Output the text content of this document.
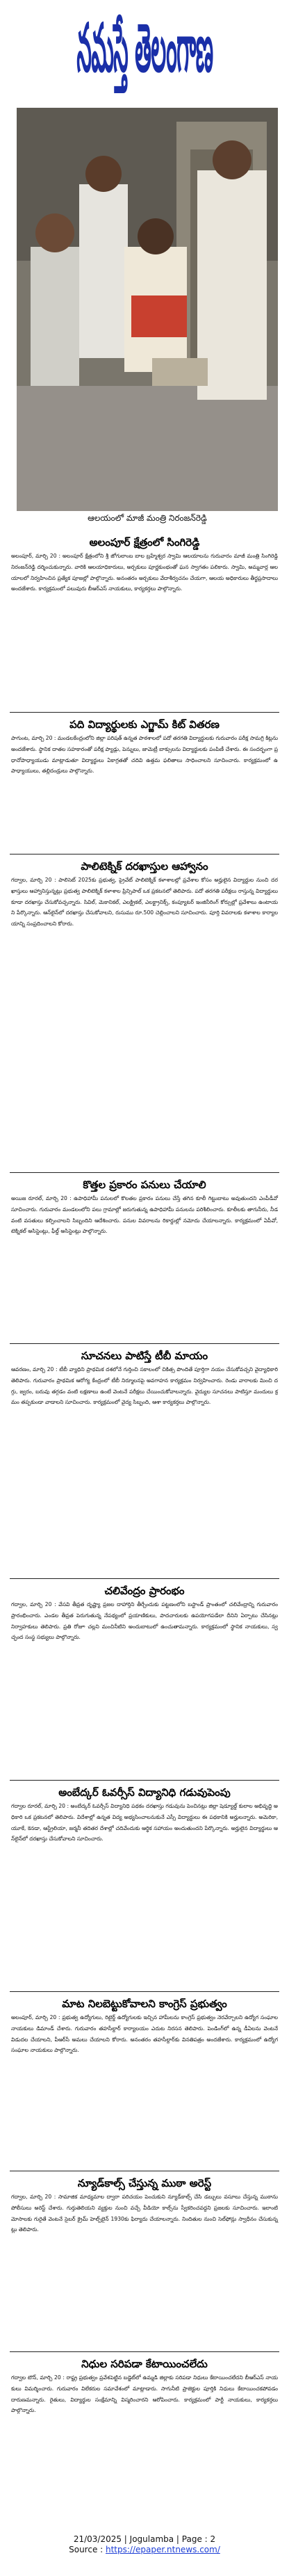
నమస్తే తెలంగాణ
ఆలయంలో మాజీ మంత్రి నిరంజన్‌రెడ్డి
అలంపూర్‌ క్షేత్రంలో సింగిరెడ్డి

అలంపూర్‌, మార్చి 20 : అలంపూర్‌ క్షేత్రంలోని శ్రీ జోగులాంబ బాల బ్రహ్మేశ్వర స్వామి ఆలయాలను గురువారం మాజీ మంత్రి సింగిరెడ్డి నిరంజన్‌రెడ్డి దర్శించుకున్నారు. వారికి ఆలయాధికారులు, అర్చకులు పూర్ణకుంభంతో ఘన స్వాగతం పలికారు. స్వామి, అమ్మవార్ల ఆలయాలలో నిర్వహించిన ప్రత్యేక పూజల్లో పాల్గొన్నారు. అనంతరం అర్చకులు వేదాశీర్వచనం చేయగా, ఆలయ అధికారులు తీర్థప్రసాదాలు అందజేశారు. కార్యక్రమంలో పలువురు బీఆర్‌ఎస్‌ నాయకులు, కార్యకర్తలు పాల్గొన్నారు.

పది విద్యార్థులకు ఎగ్జామ్‌ కిట్‌ వితరణ

పాగుంట, మార్చి 20 : మండలకేంద్రంలోని జిల్లా పరిషత్‌ ఉన్నత పాఠశాలలో పదో తరగతి విద్యార్థులకు గురువారం పరీక్ష సామగ్రి కిట్లను అందజేశారు. స్థానిక దాతల సహకారంతో పరీక్ష ప్యాడ్లు, పెన్నులు, జామెట్రీ బాక్సులను విద్యార్థులకు పంపిణీ చేశారు. ఈ సందర్భంగా ప్రధానోపాధ్యాయుడు మాట్లాడుతూ విద్యార్థులు ఏకాగ్రతతో చదివి ఉత్తమ ఫలితాలు సాధించాలని సూచించారు. కార్యక్రమంలో ఉపాధ్యాయులు, తల్లిదండ్రులు పాల్గొన్నారు.

పాలిటెక్నిక్‌ దరఖాస్తుల ఆహ్వానం

గద్వాల, మార్చి 20 : పాలిసెట్‌ 2025కు ప్రభుత్వ, ప్రైవేట్‌ పాలిటెక్నిక్‌ కళాశాలల్లో ప్రవేశాల కోసం అర్హులైన విద్యార్థుల నుంచి దరఖాస్తులు ఆహ్వానిస్తున్నట్లు ప్రభుత్వ పాలిటెక్నిక్‌ కళాశాల ప్రిన్సిపాల్‌ ఒక ప్రకటనలో తెలిపారు. పదో తరగతి పరీక్షలు రాస్తున్న విద్యార్థులు కూడా దరఖాస్తు చేసుకోవచ్చన్నారు. సివిల్‌, మెకానికల్‌, ఎలక్ట్రికల్‌, ఎలక్ట్రానిక్స్‌, కంప్యూటర్‌ ఇంజినీరింగ్‌ కోర్సుల్లో ప్రవేశాలు ఉంటాయని పేర్కొన్నారు. ఆన్‌లైన్‌లో దరఖాస్తు చేసుకోవాలని, రుసుము రూ.500 చెల్లించాలని సూచించారు. పూర్తి వివరాలకు కళాశాల కార్యాలయాన్ని సంప్రదించాలని కోరారు.

కొత్తల ప్రకారం పనులు చేయాలి

అయిజ రూరల్‌, మార్చి 20 : ఉపాధిహామీ పనులలో కొలతల ప్రకారం పనులు చేస్తే తగిన కూలీ గిట్టుబాటు అవుతుందని ఎంపీడీవో సూచించారు. గురువారం మండలంలోని పలు గ్రామాల్లో జరుగుతున్న ఉపాధిహామీ పనులను పరిశీలించారు. కూలీలకు తాగునీరు, నీడ వంటి వసతులు కల్పించాలని సిబ్బందిని ఆదేశించారు. పనుల వివరాలను రికార్డుల్లో నమోదు చేయాలన్నారు. కార్యక్రమంలో ఏపీవో, టెక్నికల్‌ అసిస్టెంట్లు, ఫీల్డ్‌ అసిస్టెంట్లు పాల్గొన్నారు.

సూచనలు పాటిస్తే టీబీ మాయం

ఆవరణం, మార్చి 20 : టీబీ వ్యాధిని ప్రాథమిక దశలోనే గుర్తించి సకాలంలో చికిత్స పొందితే పూర్తిగా నయం చేసుకోవచ్చని వైద్యాధికారి తెలిపారు. గురువారం ప్రాథమిక ఆరోగ్య కేంద్రంలో టీబీ నిర్మూలనపై అవగాహన కార్యక్రమం నిర్వహించారు. రెండు వారాలకు మించి దగ్గు, జ్వరం, బరువు తగ్గడం వంటి లక్షణాలు ఉంటే వెంటనే పరీక్షలు చేయించుకోవాలన్నారు. వైద్యుల సూచనలు పాటిస్తూ మందులు క్రమం తప్పకుండా వాడాలని సూచించారు. కార్యక్రమంలో వైద్య సిబ్బంది, ఆశా కార్యకర్తలు పాల్గొన్నారు.

చలివేంద్రం ప్రారంభం

గద్వాల, మార్చి 20 : వేసవి తీవ్రత దృష్ట్యా ప్రజల దాహార్తిని తీర్చేందుకు పట్టణంలోని బస్టాండ్‌ ప్రాంతంలో చలివేంద్రాన్ని గురువారం ప్రారంభించారు. ఎండల తీవ్రత పెరుగుతున్న నేపథ్యంలో ప్రయాణికులు, పాదచారులకు ఉపయోగపడేలా దీనిని ఏర్పాటు చేసినట్లు నిర్వాహకులు తెలిపారు. ప్రతి రోజూ చల్లని మంచినీటిని అందుబాటులో ఉంచుతామన్నారు. కార్యక్రమంలో స్థానిక నాయకులు, స్వచ్ఛంద సంస్థ సభ్యులు పాల్గొన్నారు.

అంబేద్కర్‌ ఓవర్సీస్‌ విద్యానిధి గడువుపెంపు

గద్వాల రూరల్‌, మార్చి 20 : అంబేద్కర్‌ ఓవర్సీస్‌ విద్యానిధి పథకం దరఖాస్తు గడువును పెంచినట్లు జిల్లా షెడ్యూల్డ్‌ కులాల అభివృద్ధి అధికారి ఒక ప్రకటనలో తెలిపారు. విదేశాల్లో ఉన్నత విద్య అభ్యసించాలనుకునే ఎస్సీ విద్యార్థులు ఈ పథకానికి అర్హులన్నారు. అమెరికా, యూకే, కెనడా, ఆస్ట్రేలియా, జర్మనీ తదితర దేశాల్లో చదివేందుకు ఆర్థిక సహాయం అందుతుందని పేర్కొన్నారు. అర్హులైన విద్యార్థులు ఆన్‌లైన్‌లో దరఖాస్తు చేసుకోవాలని సూచించారు.

మాట నిలబెట్టుకోవాలని కాంగ్రెస్‌ ప్రభుత్వం

అలంపూర్‌, మార్చి 20 : ప్రభుత్వ ఉద్యోగులు, రిటైర్డ్‌ ఉద్యోగులకు ఇచ్చిన హామీలను కాంగ్రెస్‌ ప్రభుత్వం నెరవేర్చాలని ఉద్యోగ సంఘాల నాయకులు డిమాండ్‌ చేశారు. గురువారం తహసీల్దార్‌ కార్యాలయం ఎదుట నిరసన తెలిపారు. పెండింగ్‌లో ఉన్న డీఏలను వెంటనే విడుదల చేయాలని, పీఆర్‌సీ అమలు చేయాలని కోరారు. అనంతరం తహసీల్దార్‌కు వినతిపత్రం అందజేశారు. కార్యక్రమంలో ఉద్యోగ సంఘాల నాయకులు పాల్గొన్నారు.

న్యూడ్‌కాల్స్‌ చేస్తున్న ముఠా అరెస్ట్‌

గద్వాల, మార్చి 20 : సామాజిక మాధ్యమాల ద్వారా పరిచయం పెంచుకుని న్యూడ్‌కాల్స్‌ చేసి డబ్బులు వసూలు చేస్తున్న ముఠాను పోలీసులు అరెస్ట్‌ చేశారు. గుర్తుతెలియని వ్యక్తుల నుంచి వచ్చే వీడియో కాల్స్‌ను స్వీకరించవద్దని ప్రజలకు సూచించారు. ఇలాంటి మోసాలకు గురైతే వెంటనే సైబర్‌ క్రైమ్‌ హెల్ప్‌లైన్‌ 1930కు ఫిర్యాదు చేయాలన్నారు. నిందితుల నుంచి సెల్‌ఫోన్లు స్వాధీనం చేసుకున్నట్లు తెలిపారు.

నిధుల సరిపడా కేటాయించలేదు

గద్వాల టౌన్‌, మార్చి 20 : రాష్ట్ర ప్రభుత్వం ప్రవేశపెట్టిన బడ్జెట్‌లో ఉమ్మడి జిల్లాకు సరిపడా నిధులు కేటాయించలేదని బీఆర్‌ఎస్‌ నాయకులు విమర్శించారు. గురువారం విలేకరుల సమావేశంలో మాట్లాడారు. సాగునీటి ప్రాజెక్టుల పూర్తికి నిధులు కేటాయించకపోవడం దారుణమన్నారు. రైతులు, విద్యార్థుల సంక్షేమాన్ని విస్మరించారని ఆరోపించారు. కార్యక్రమంలో పార్టీ నాయకులు, కార్యకర్తలు పాల్గొన్నారు.

21/03/2025 | Jogulamba | Page : 2
Source : https://epaper.ntnews.com/
